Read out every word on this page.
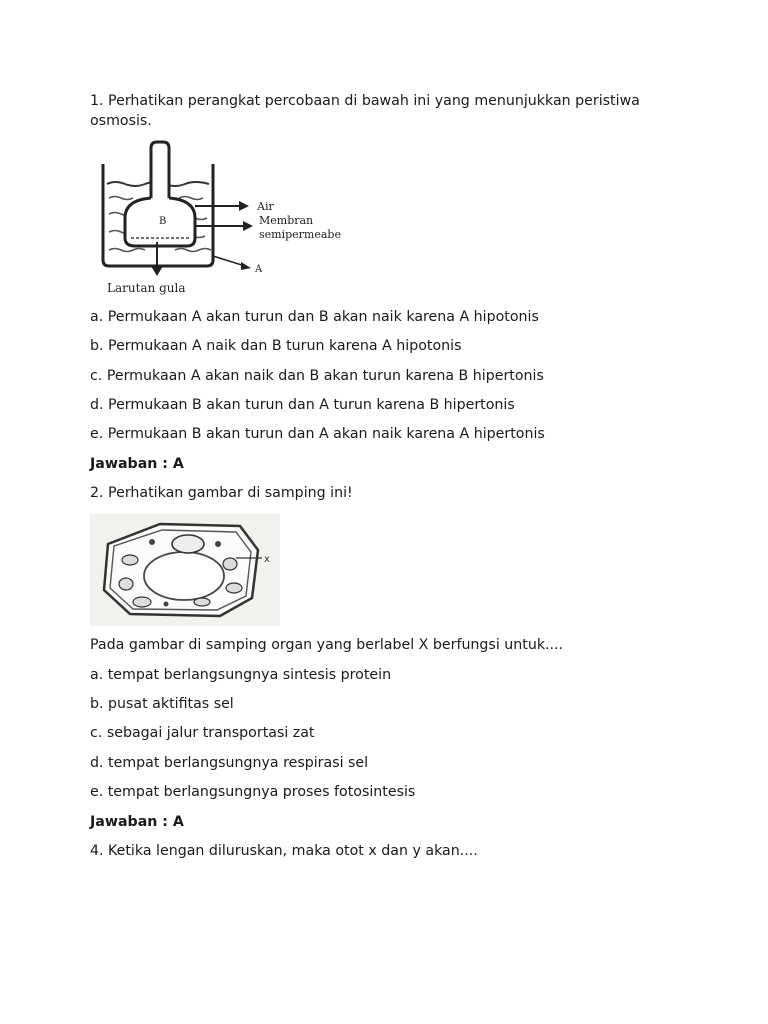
1. Perhatikan perangkat percobaan di bawah ini yang menunjukkan peristiwa
osmosis.
B
Air
Membran
semipermeabe
A
Larutan gula
a. Permukaan A akan turun dan B akan naik karena A hipotonis
b. Permukaan A naik dan B turun karena A hipotonis
c. Permukaan A akan naik dan B akan turun karena B hipertonis
d. Permukaan B akan turun dan A turun karena B hipertonis
e. Permukaan B akan turun dan A akan naik karena A hipertonis
Jawaban : A
2. Perhatikan gambar di samping ini!
x
Pada gambar di samping organ yang berlabel X berfungsi untuk....
a. tempat berlangsungnya sintesis protein
b. pusat aktifitas sel
c. sebagai jalur transportasi zat
d. tempat berlangsungnya respirasi sel
e. tempat berlangsungnya proses fotosintesis
Jawaban : A
4. Ketika lengan diluruskan, maka otot x dan y akan....
